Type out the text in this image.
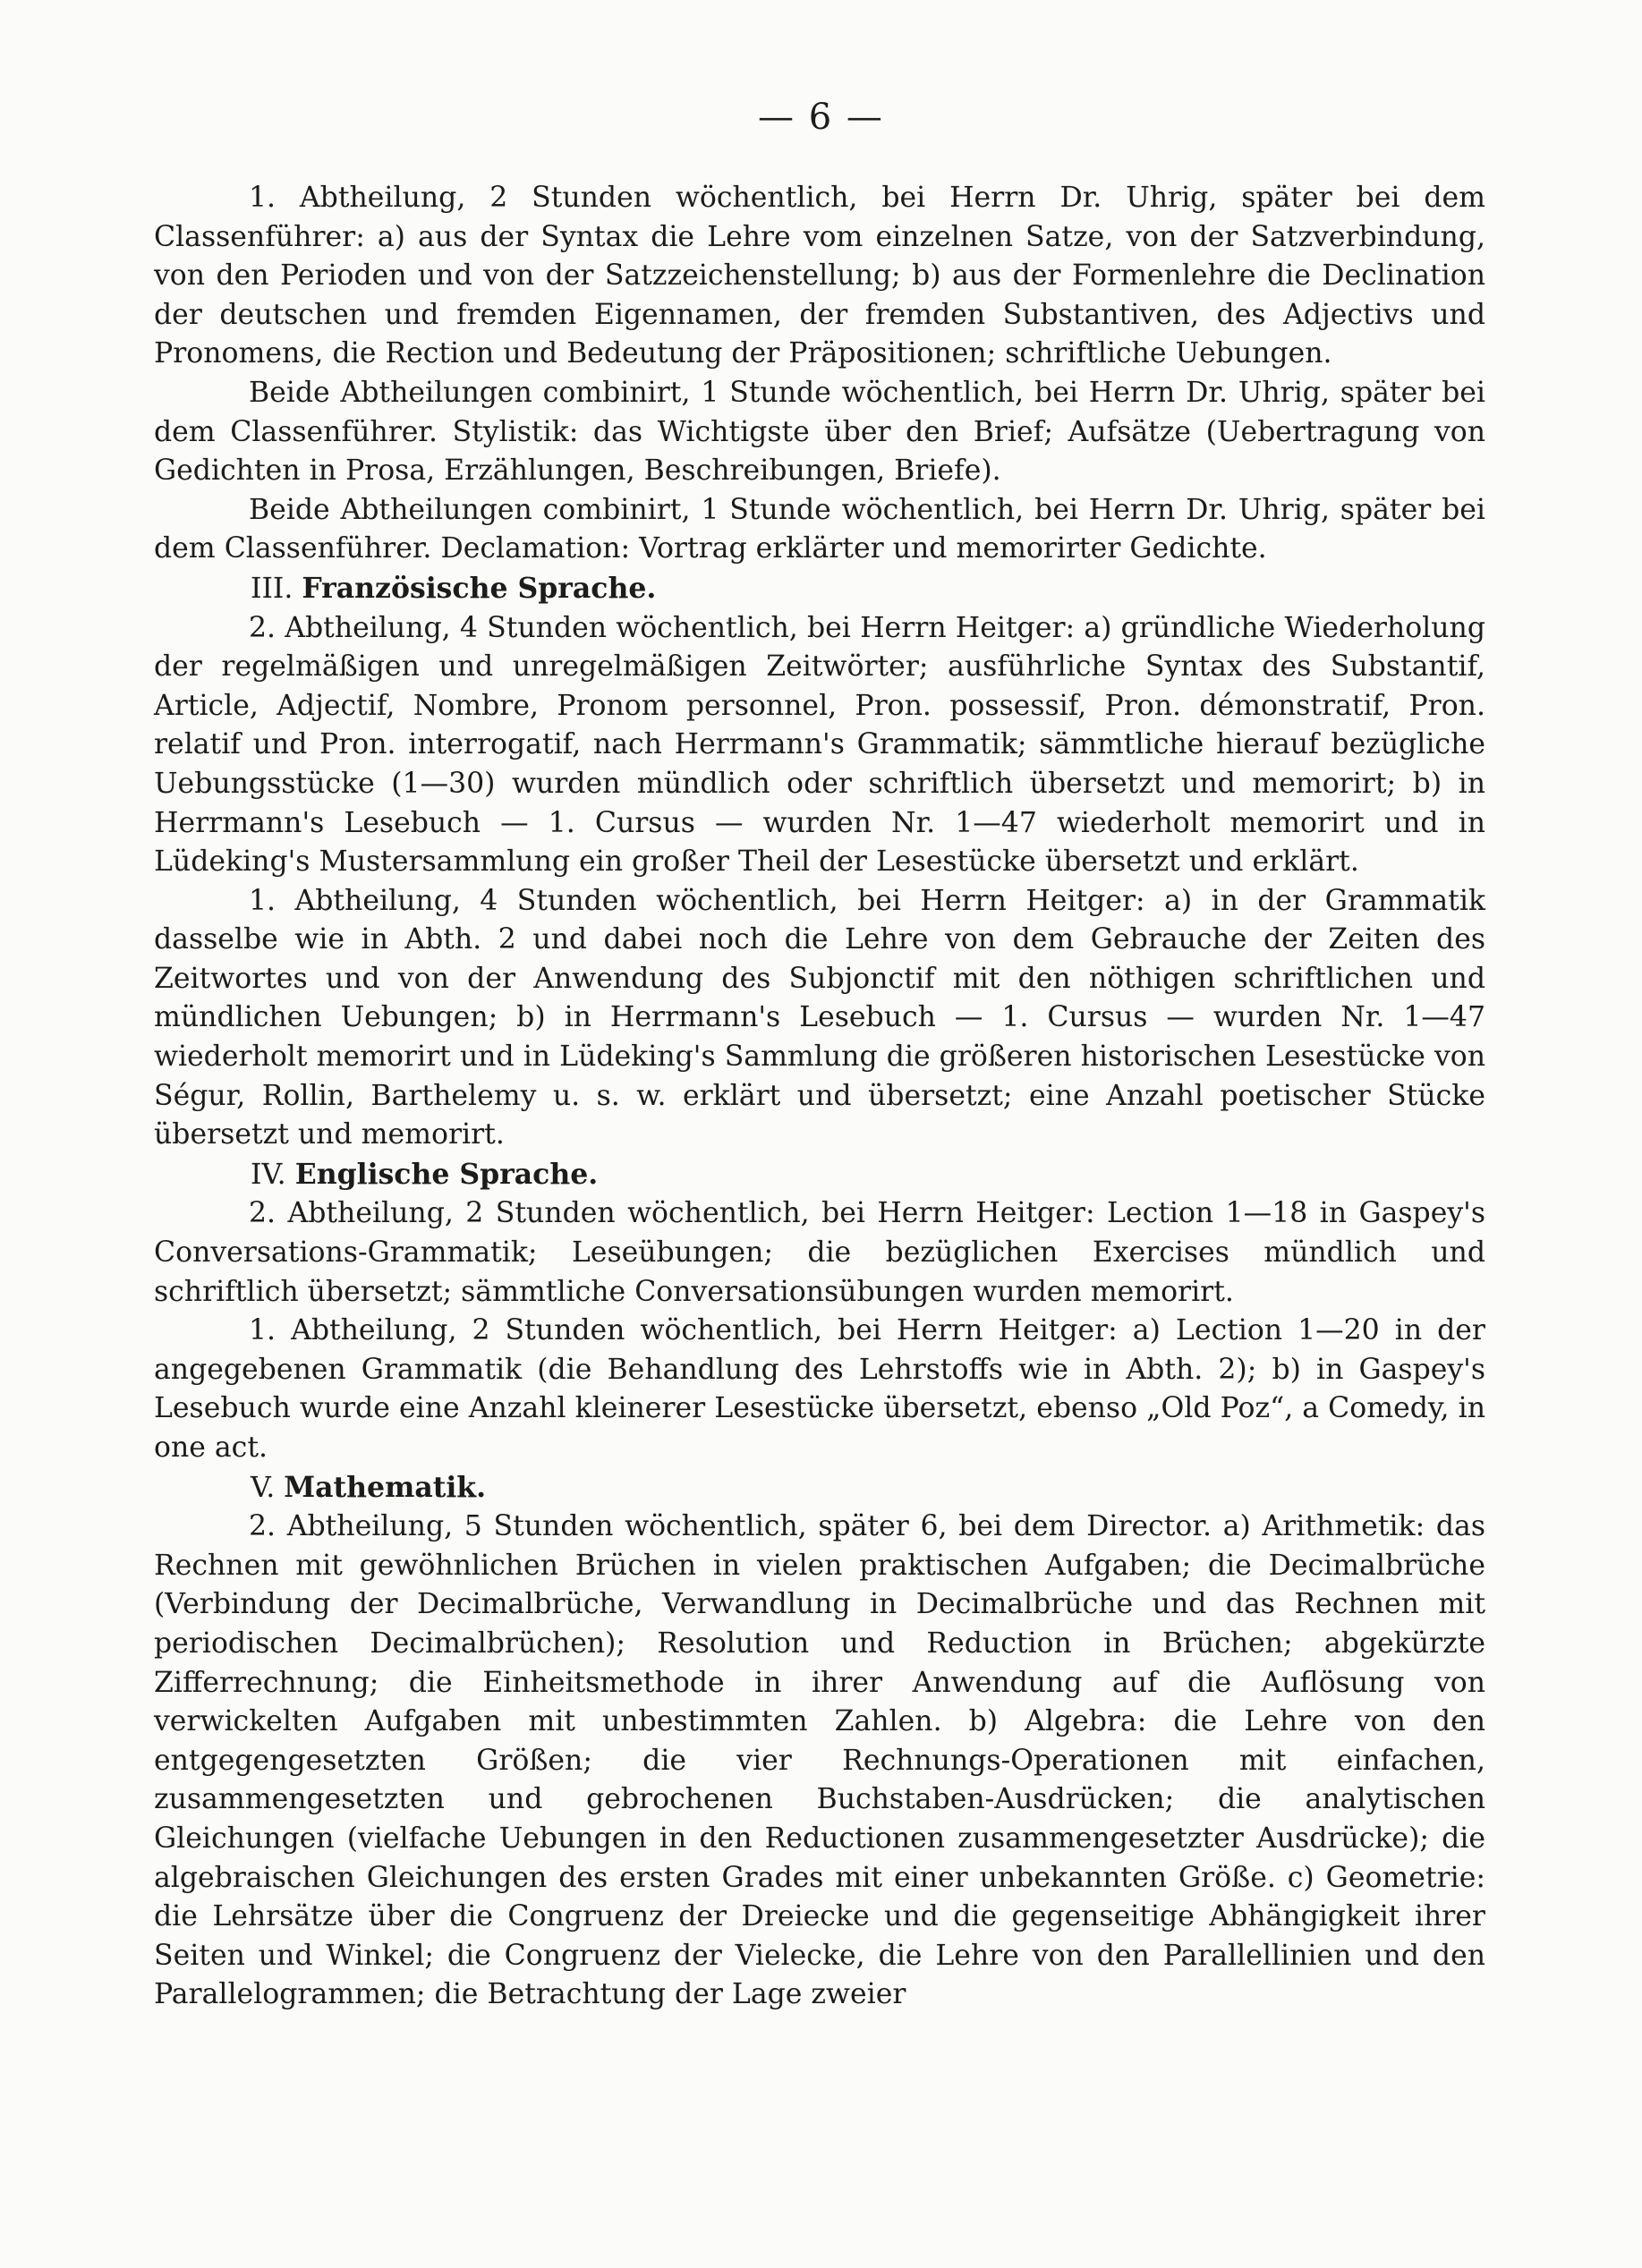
— 6 —

1. Abtheilung, 2 Stunden wöchentlich, bei Herrn Dr. Uhrig, später bei dem Classenführer: a) aus der Syntax die Lehre vom einzelnen Satze, von der Satzverbindung, von den Perioden und von der Satzzeichenstellung; b) aus der Formenlehre die Declination der deutschen und fremden Eigennamen, der fremden Substantiven, des Adjectivs und Pronomens, die Rection und Bedeutung der Präpositionen; schriftliche Uebungen.

Beide Abtheilungen combinirt, 1 Stunde wöchentlich, bei Herrn Dr. Uhrig, später bei dem Classenführer. Stylistik: das Wichtigste über den Brief; Aufsätze (Uebertragung von Gedichten in Prosa, Erzählungen, Beschreibungen, Briefe).

Beide Abtheilungen combinirt, 1 Stunde wöchentlich, bei Herrn Dr. Uhrig, später bei dem Classenführer. Declamation: Vortrag erklärter und memorirter Gedichte.

III. Französische Sprache.

2. Abtheilung, 4 Stunden wöchentlich, bei Herrn Heitger: a) gründliche Wiederholung der regelmäßigen und unregelmäßigen Zeitwörter; ausführliche Syntax des Substantif, Article, Adjectif, Nombre, Pronom personnel, Pron. possessif, Pron. démonstratif, Pron. relatif und Pron. interrogatif, nach Herrmann's Grammatik; sämmtliche hierauf bezügliche Uebungsstücke (1—30) wurden mündlich oder schriftlich übersetzt und memorirt; b) in Herrmann's Lesebuch — 1. Cursus — wurden Nr. 1—47 wiederholt memorirt und in Lüdeking's Mustersammlung ein großer Theil der Lesestücke übersetzt und erklärt.

1. Abtheilung, 4 Stunden wöchentlich, bei Herrn Heitger: a) in der Grammatik dasselbe wie in Abth. 2 und dabei noch die Lehre von dem Gebrauche der Zeiten des Zeitwortes und von der Anwendung des Subjonctif mit den nöthigen schriftlichen und mündlichen Uebungen; b) in Herrmann's Lesebuch — 1. Cursus — wurden Nr. 1—47 wiederholt memorirt und in Lüdeking's Sammlung die größeren historischen Lesestücke von Ségur, Rollin, Barthelemy u. s. w. erklärt und übersetzt; eine Anzahl poetischer Stücke übersetzt und memorirt.

IV. Englische Sprache.

2. Abtheilung, 2 Stunden wöchentlich, bei Herrn Heitger: Lection 1—18 in Gaspey's Conversations-Grammatik; Leseübungen; die bezüglichen Exercises mündlich und schriftlich übersetzt; sämmtliche Conversationsübungen wurden memorirt.

1. Abtheilung, 2 Stunden wöchentlich, bei Herrn Heitger: a) Lection 1—20 in der angegebenen Grammatik (die Behandlung des Lehrstoffs wie in Abth. 2); b) in Gaspey's Lesebuch wurde eine Anzahl kleinerer Lesestücke übersetzt, ebenso „Old Poz“, a Comedy, in one act.

V. Mathematik.

2. Abtheilung, 5 Stunden wöchentlich, später 6, bei dem Director. a) Arithmetik: das Rechnen mit gewöhnlichen Brüchen in vielen praktischen Aufgaben; die Decimalbrüche (Verbindung der Decimalbrüche, Verwandlung in Decimalbrüche und das Rechnen mit periodischen Decimalbrüchen); Resolution und Reduction in Brüchen; abgekürzte Zifferrechnung; die Einheitsmethode in ihrer Anwendung auf die Auflösung von verwickelten Aufgaben mit unbestimmten Zahlen. b) Algebra: die Lehre von den entgegengesetzten Größen; die vier Rechnungs-Operationen mit einfachen, zusammengesetzten und gebrochenen Buchstaben-Ausdrücken; die analytischen Gleichungen (vielfache Uebungen in den Reductionen zusammengesetzter Ausdrücke); die algebraischen Gleichungen des ersten Grades mit einer unbekannten Größe. c) Geometrie: die Lehrsätze über die Congruenz der Dreiecke und die gegenseitige Abhängigkeit ihrer Seiten und Winkel; die Congruenz der Vielecke, die Lehre von den Parallellinien und den Parallelogrammen; die Betrachtung der Lage zweier
